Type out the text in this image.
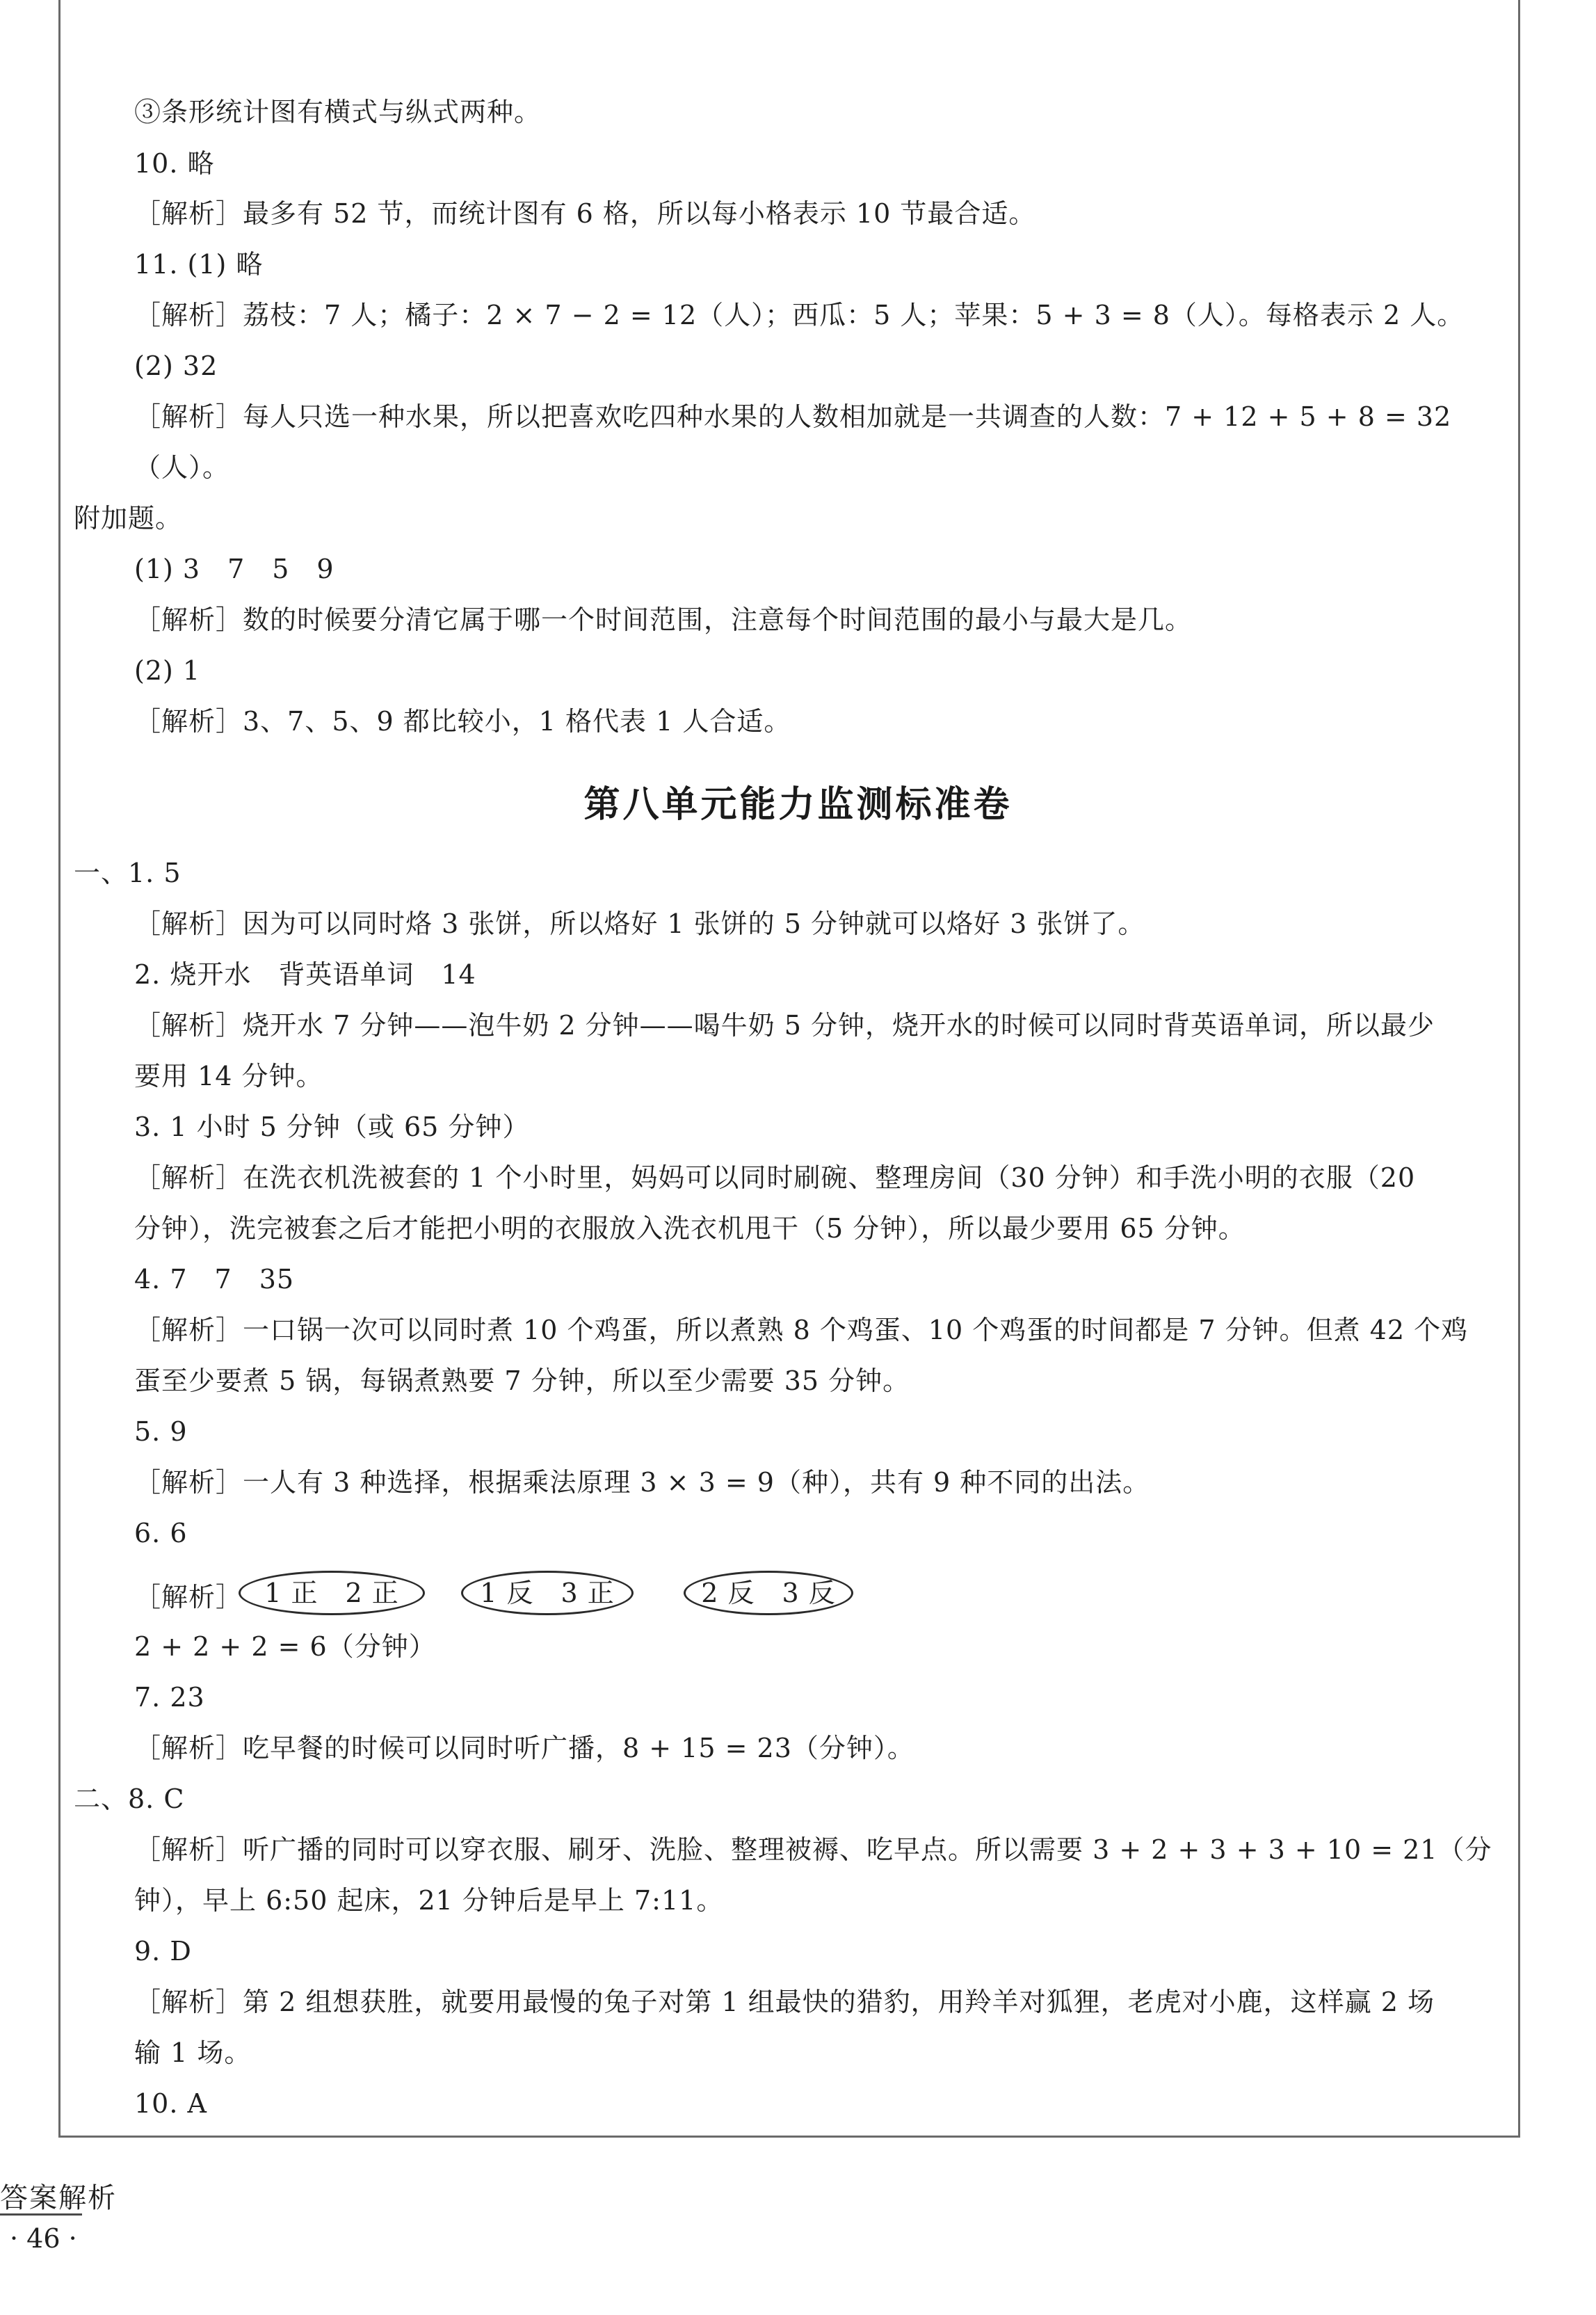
③条形统计图有横式与纵式两种。
10. 略
［解析］最多有 52 节，而统计图有 6 格，所以每小格表示 10 节最合适。
11. (1) 略
［解析］荔枝：7 人；橘子：2 × 7 − 2 = 12（人）；西瓜：5 人；苹果：5 + 3 = 8（人）。每格表示 2 人。
(2) 32
［解析］每人只选一种水果，所以把喜欢吃四种水果的人数相加就是一共调查的人数：7 + 12 + 5 + 8 = 32
（人）。
附加题。
(1) 3　7　5　9
［解析］数的时候要分清它属于哪一个时间范围，注意每个时间范围的最小与最大是几。
(2) 1
［解析］3、7、5、9 都比较小，1 格代表 1 人合适。
第八单元能力监测标准卷
一、1. 5
［解析］因为可以同时烙 3 张饼，所以烙好 1 张饼的 5 分钟就可以烙好 3 张饼了。
2. 烧开水　背英语单词　14
［解析］烧开水 7 分钟——泡牛奶 2 分钟——喝牛奶 5 分钟，烧开水的时候可以同时背英语单词，所以最少
要用 14 分钟。
3. 1 小时 5 分钟（或 65 分钟）
［解析］在洗衣机洗被套的 1 个小时里，妈妈可以同时刷碗、整理房间（30 分钟）和手洗小明的衣服（20
分钟），洗完被套之后才能把小明的衣服放入洗衣机甩干（5 分钟），所以最少要用 65 分钟。
4. 7　7　35
［解析］一口锅一次可以同时煮 10 个鸡蛋，所以煮熟 8 个鸡蛋、10 个鸡蛋的时间都是 7 分钟。但煮 42 个鸡
蛋至少要煮 5 锅，每锅煮熟要 7 分钟，所以至少需要 35 分钟。
5. 9
［解析］一人有 3 种选择，根据乘法原理 3 × 3 = 9（种），共有 9 种不同的出法。
6. 6
［解析］ 1 正　2 正	1 反　3 正	2 反　3 反
2 + 2 + 2 = 6（分钟）
7. 23
［解析］吃早餐的时候可以同时听广播，8 + 15 = 23（分钟）。
二、8. C
［解析］听广播的同时可以穿衣服、刷牙、洗脸、整理被褥、吃早点。所以需要 3 + 2 + 3 + 3 + 10 = 21（分
钟），早上 6:50 起床，21 分钟后是早上 7:11。
9. D
［解析］第 2 组想获胜，就要用最慢的兔子对第 1 组最快的猎豹，用羚羊对狐狸，老虎对小鹿，这样赢 2 场
输 1 场。
10. A
答案解析
· 46 ·
